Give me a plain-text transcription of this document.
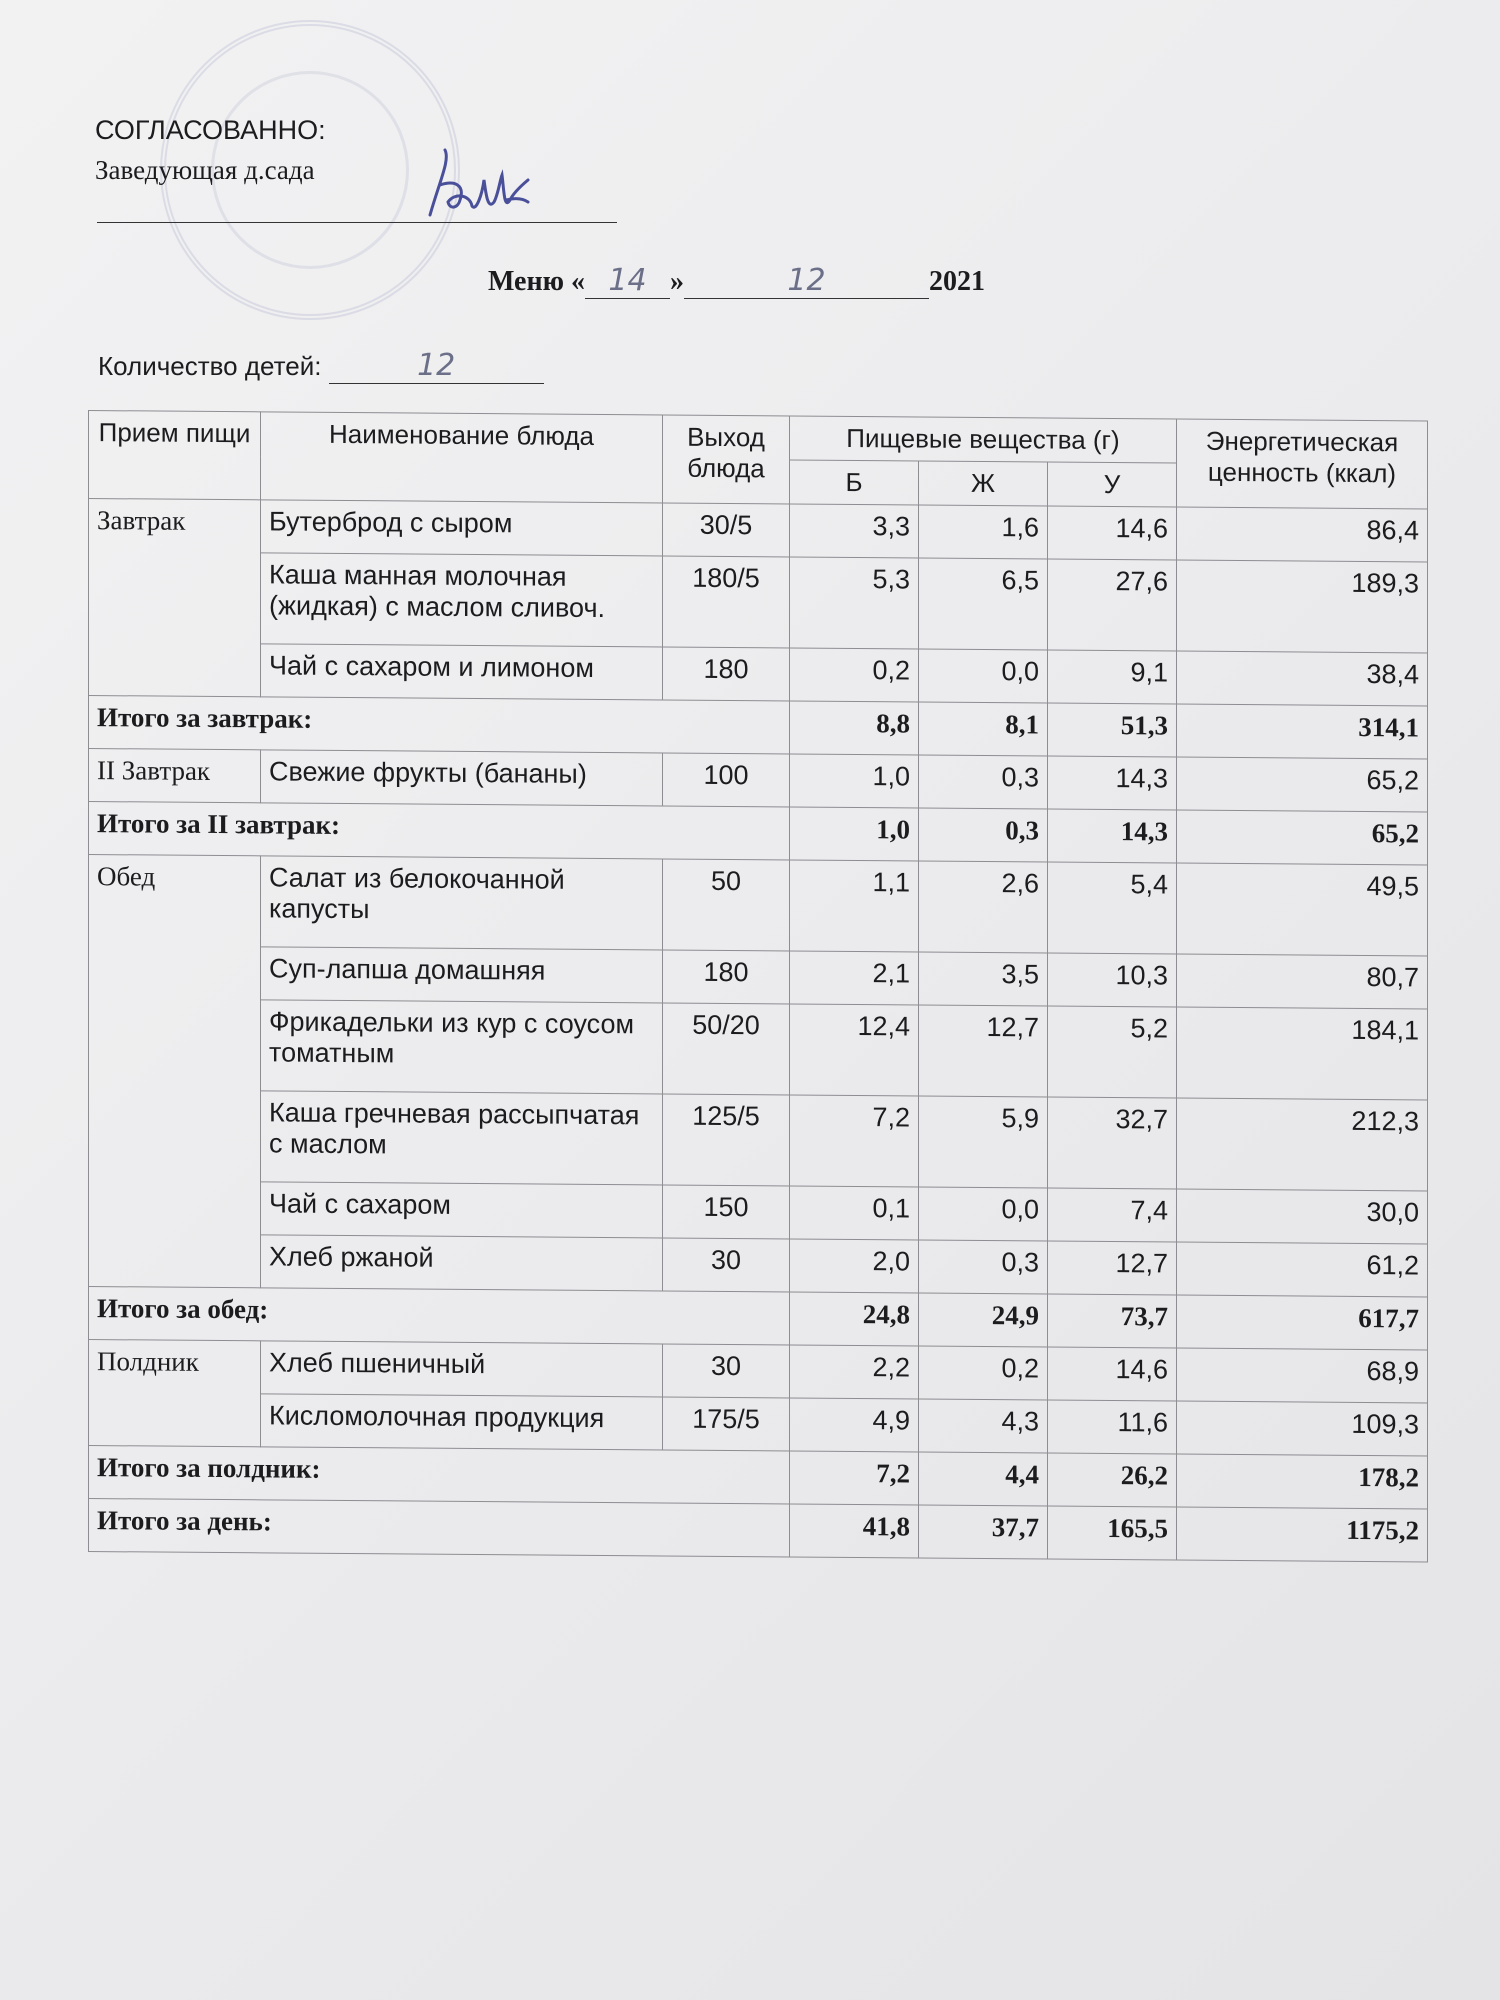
СОГЛАСОВАННО:
Заведующая д.сада
Меню « 14 »	12	2021
Количество детей:	12
Прием пищи	Наименование блюда	Выход блюда	Пищевые вещества (г)			Энергетическая ценность (ккал)
			Б	Ж	У	
Завтрак	Бутерброд с сыром	30/5	3,3	1,6	14,6	86,4
	Каша манная молочная (жидкая) с маслом сливоч.	180/5	5,3	6,5	27,6	189,3
	Чай с сахаром и лимоном	180	0,2	0,0	9,1	38,4
Итого за завтрак:			8,8	8,1	51,3	314,1
II Завтрак	Свежие фрукты (бананы)	100	1,0	0,3	14,3	65,2
Итого за II завтрак:			1,0	0,3	14,3	65,2
Обед	Салат из белокочанной капусты	50	1,1	2,6	5,4	49,5
	Суп-лапша домашняя	180	2,1	3,5	10,3	80,7
	Фрикадельки из кур с соусом томатным	50/20	12,4	12,7	5,2	184,1
	Каша гречневая рассыпчатая с маслом	125/5	7,2	5,9	32,7	212,3
	Чай с сахаром	150	0,1	0,0	7,4	30,0
	Хлеб ржаной	30	2,0	0,3	12,7	61,2
Итого за обед:			24,8	24,9	73,7	617,7
Полдник	Хлеб пшеничный	30	2,2	0,2	14,6	68,9
	Кисломолочная продукция	175/5	4,9	4,3	11,6	109,3
Итого за полдник:			7,2	4,4	26,2	178,2
Итого за день:			41,8	37,7	165,5	1175,2
